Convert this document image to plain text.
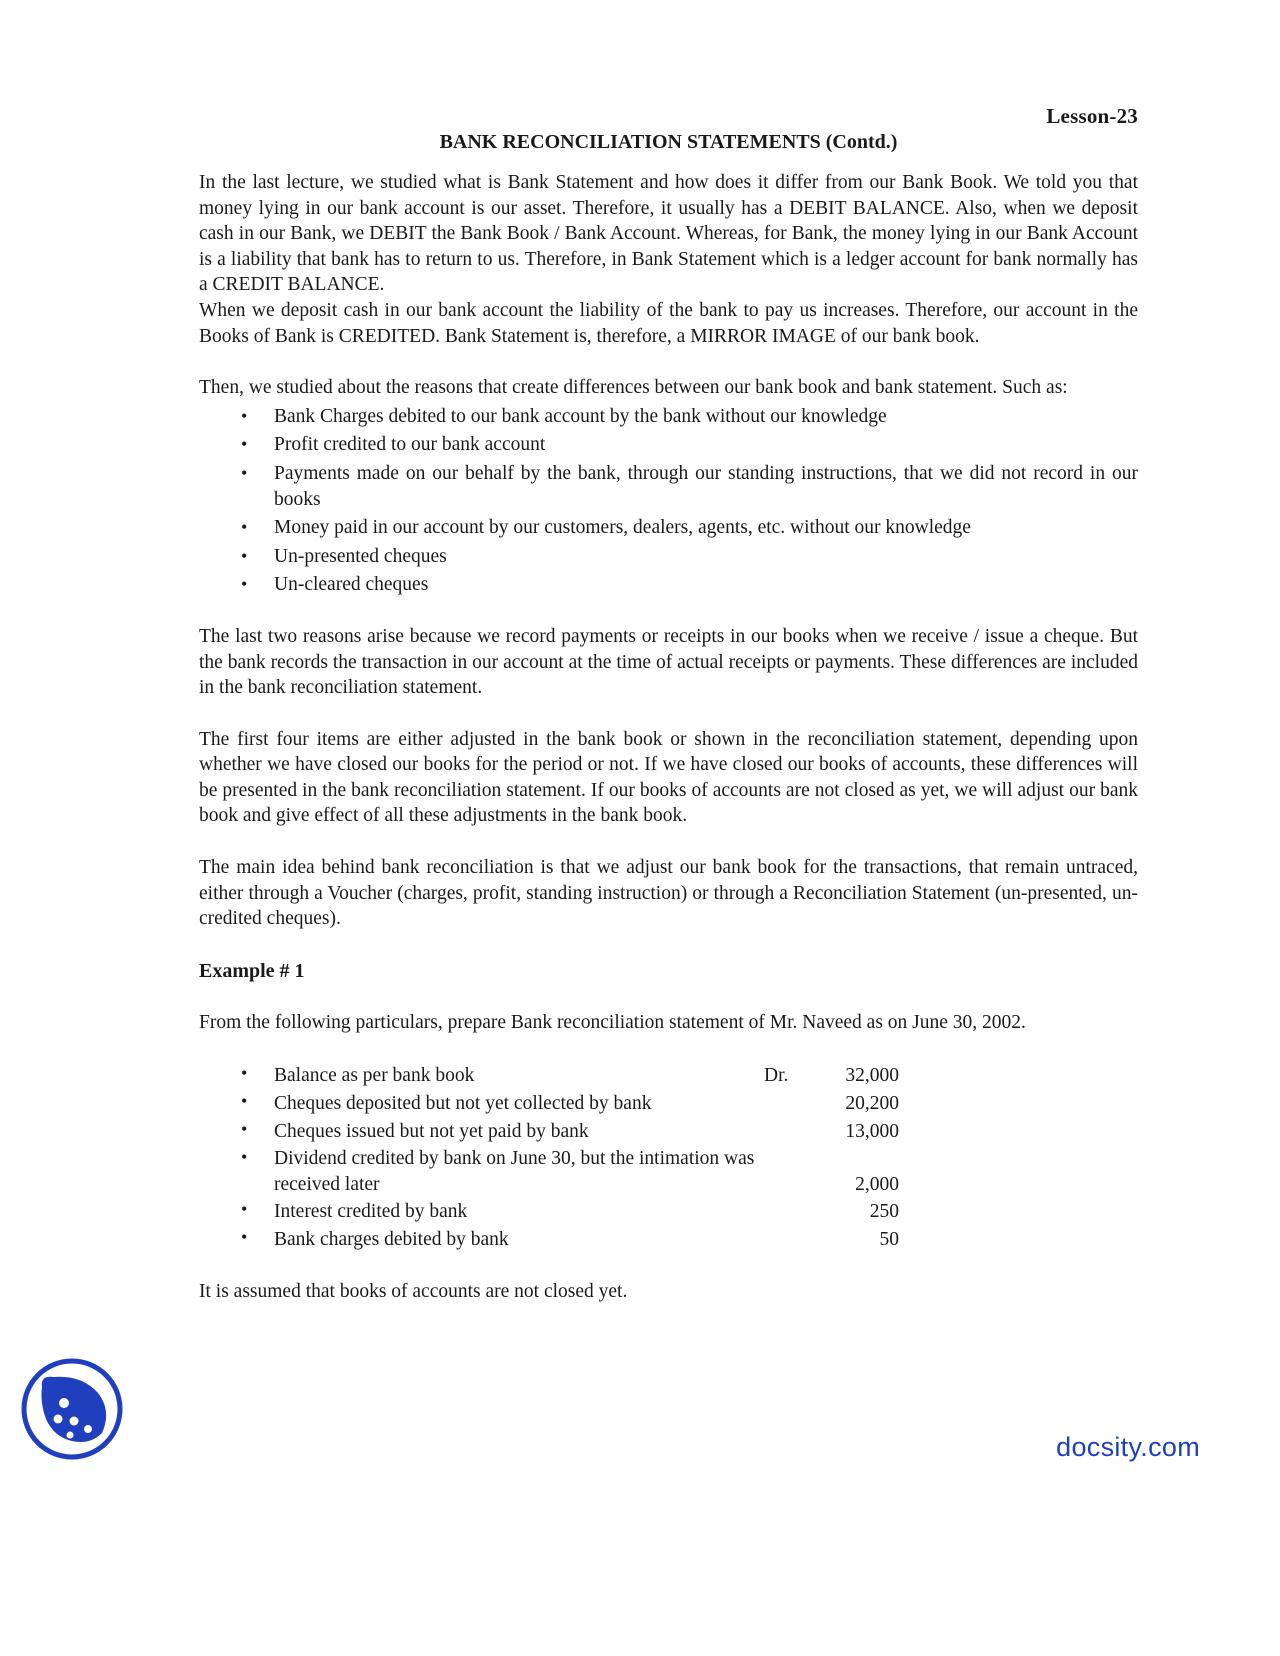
Lesson-23
BANK RECONCILIATION STATEMENTS (Contd.)

In the last lecture, we studied what is Bank Statement and how does it differ from our Bank Book. We told you that money lying in our bank account is our asset. Therefore, it usually has a DEBIT BALANCE. Also, when we deposit cash in our Bank, we DEBIT the Bank Book / Bank Account. Whereas, for Bank, the money lying in our Bank Account is a liability that bank has to return to us. Therefore, in Bank Statement which is a ledger account for bank normally has a CREDIT BALANCE.

When we deposit cash in our bank account the liability of the bank to pay us increases. Therefore, our account in the Books of Bank is CREDITED. Bank Statement is, therefore, a MIRROR IMAGE of our bank book.

Then, we studied about the reasons that create differences between our bank book and bank statement. Such as:

• Bank Charges debited to our bank account by the bank without our knowledge
• Profit credited to our bank account
• Payments made on our behalf by the bank, through our standing instructions, that we did not record in our books
• Money paid in our account by our customers, dealers, agents, etc. without our knowledge
• Un-presented cheques
• Un-cleared cheques

The last two reasons arise because we record payments or receipts in our books when we receive / issue a cheque. But the bank records the transaction in our account at the time of actual receipts or payments. These differences are included in the bank reconciliation statement.

The first four items are either adjusted in the bank book or shown in the reconciliation statement, depending upon whether we have closed our books for the period or not. If we have closed our books of accounts, these differences will be presented in the bank reconciliation statement. If our books of accounts are not closed as yet, we will adjust our bank book and give effect of all these adjustments in the bank book.

The main idea behind bank reconciliation is that we adjust our bank book for the transactions, that remain untraced, either through a Voucher (charges, profit, standing instruction) or through a Reconciliation Statement (un-presented, un-credited cheques).

Example # 1

From the following particulars, prepare Bank reconciliation statement of Mr. Naveed as on June 30, 2002.

•	Balance as per bank book	Dr.	32,000

•	Cheques deposited but not yet collected by bank		20,200

•	Cheques issued but not yet paid by bank		13,000

•	Dividend credited by bank on June 30, but the intimation was received later		2,000

•	Interest credited by bank		250

•	Bank charges debited by bank		50

It is assumed that books of accounts are not closed yet.

docsity.com
